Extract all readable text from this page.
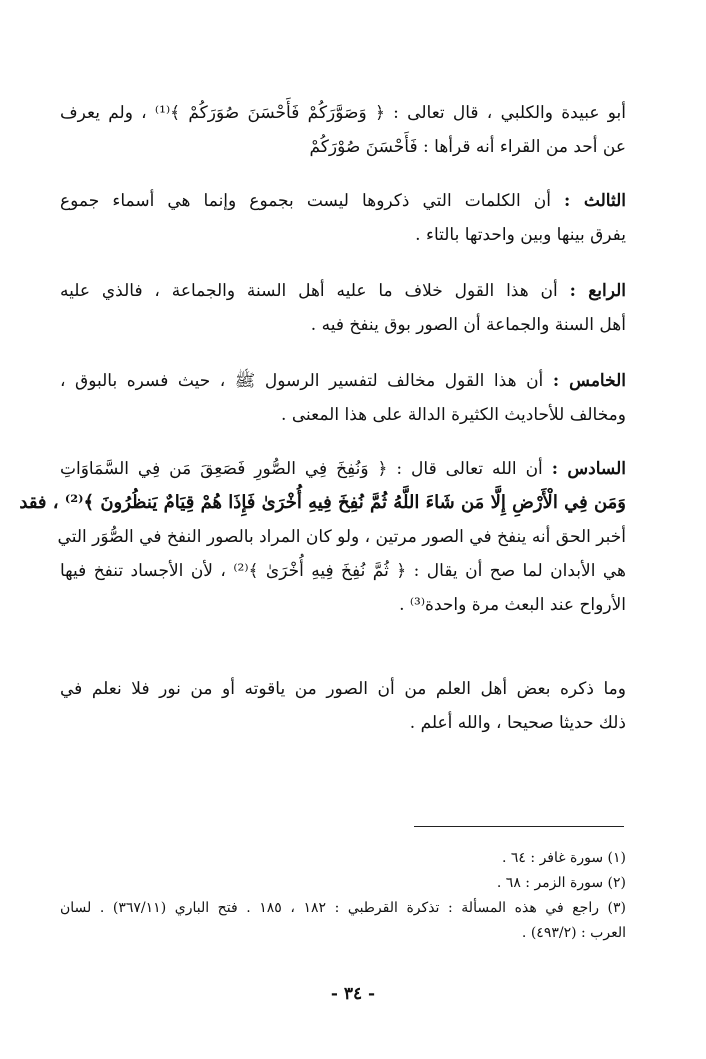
أبو عبيدة والكلبي ، قال تعالى : ﴿ وَصَوَّرَكُمْ فَأَحْسَنَ صُوَرَكُمْ ﴾⁽¹⁾ ، ولم يعرف
عن أحد من القراء أنه قرأها : فَأَحْسَنَ صُوْرَكُمْ
الثالث : أن الكلمات التي ذكروها ليست بجموع وإنما هي أسماء جموع
يفرق بينها وبين واحدتها بالتاء .
الرابع : أن هذا القول خلاف ما عليه أهل السنة والجماعة ، فالذي عليه
أهل السنة والجماعة أن الصور بوق ينفخ فيه .
الخامس : أن هذا القول مخالف لتفسير الرسول ﷺ ، حيث فسره بالبوق ،
ومخالف للأحاديث الكثيرة الدالة على هذا المعنى .
السادس : أن الله تعالى قال : ﴿ وَنُفِخَ فِي الصُّورِ فَصَعِقَ مَن فِي السَّمَاوَاتِ
وَمَن فِي الْأَرْضِ إِلَّا مَن شَاءَ اللَّهُ ثُمَّ نُفِخَ فِيهِ أُخْرَىٰ فَإِذَا هُمْ قِيَامٌ يَنظُرُونَ ﴾⁽²⁾ ، فقد
أخبر الحق أنه ينفخ في الصور مرتين ، ولو كان المراد بالصور النفخ في الصُّوَر التي
هي الأبدان لما صح أن يقال : ﴿ ثُمَّ نُفِخَ فِيهِ أُخْرَىٰ ﴾⁽²⁾ ، لأن الأجساد تنفخ فيها
الأرواح عند البعث مرة واحدة⁽³⁾ .
وما ذكره بعض أهل العلم من أن الصور من ياقوته أو من نور فلا نعلم في
ذلك حديثا صحيحا ، والله أعلم .
(١) سورة غافر : ٦٤ .
(٢) سورة الزمر : ٦٨ .
(٣) راجع في هذه المسألة : تذكرة القرطبي : ١٨٢ ، ١٨٥ . فتح الباري (٣٦٧/١١) . لسان
العرب : (٤٩٣/٢) .
- ٣٤ -
